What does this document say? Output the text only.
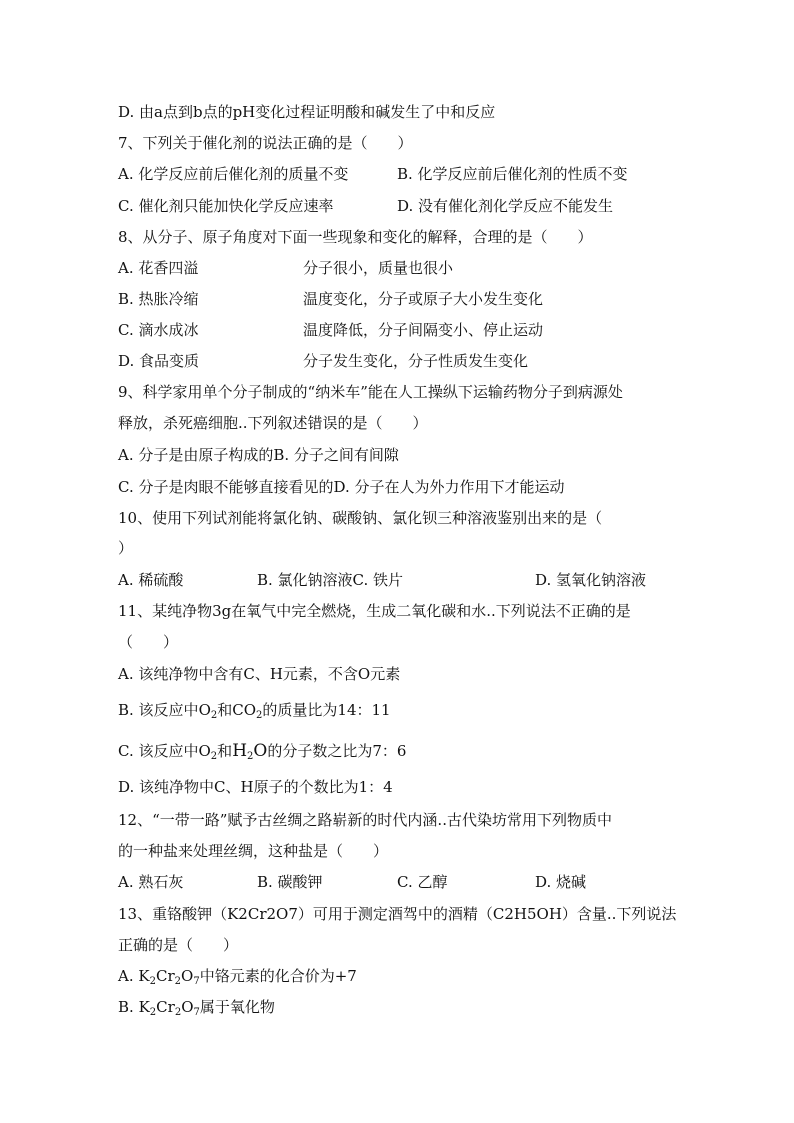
D. 由a点到b点的pH变化过程证明酸和碱发生了中和反应
7、下列关于催化剂的说法正确的是（　　）
A. 化学反应前后催化剂的质量不变	B. 化学反应前后催化剂的性质不变
C. 催化剂只能加快化学反应速率	D. 没有催化剂化学反应不能发生
8、从分子、原子角度对下面一些现象和变化的解释，合理的是（　　）
A. 花香四溢	分子很小，质量也很小
B. 热胀冷缩	温度变化，分子或原子大小发生变化
C. 滴水成冰	温度降低，分子间隔变小、停止运动
D. 食品变质	分子发生变化，分子性质发生变化
9、科学家用单个分子制成的“纳米车”能在人工操纵下运输药物分子到病源处
释放，杀死癌细胞..下列叙述错误的是（　　）
A. 分子是由原子构成的B. 分子之间有间隙
C. 分子是肉眼不能够直接看见的D. 分子在人为外力作用下才能运动
10、使用下列试剂能将氯化钠、碳酸钠、氯化钡三种溶液鉴别出来的是（
）
A. 稀硫酸	B. 氯化钠溶液C. 铁片	D. 氢氧化钠溶液
11、某纯净物3g在氧气中完全燃烧，生成二氧化碳和水..下列说法不正确的是
（　　）
A. 该纯净物中含有C、H元素，不含O元素
B. 该反应中$O_2$和$CO_2$的质量比为14：11
C. 该反应中$O_2$和$H_2O$的分子数之比为7：6
D. 该纯净物中C、H原子的个数比为1：4
12、“一带一路”赋予古丝绸之路崭新的时代内涵..古代染坊常用下列物质中
的一种盐来处理丝绸，这种盐是（　　）
A. 熟石灰	B. 碳酸钾	C. 乙醇	D. 烧碱
13、重铬酸钾（K2Cr2O7）可用于测定酒驾中的酒精（C2H5OH）含量..下列说法
正确的是（　　）
A. $K_2Cr_2O_7$中铬元素的化合价为+7
B. $K_2Cr_2O_7$属于氧化物
